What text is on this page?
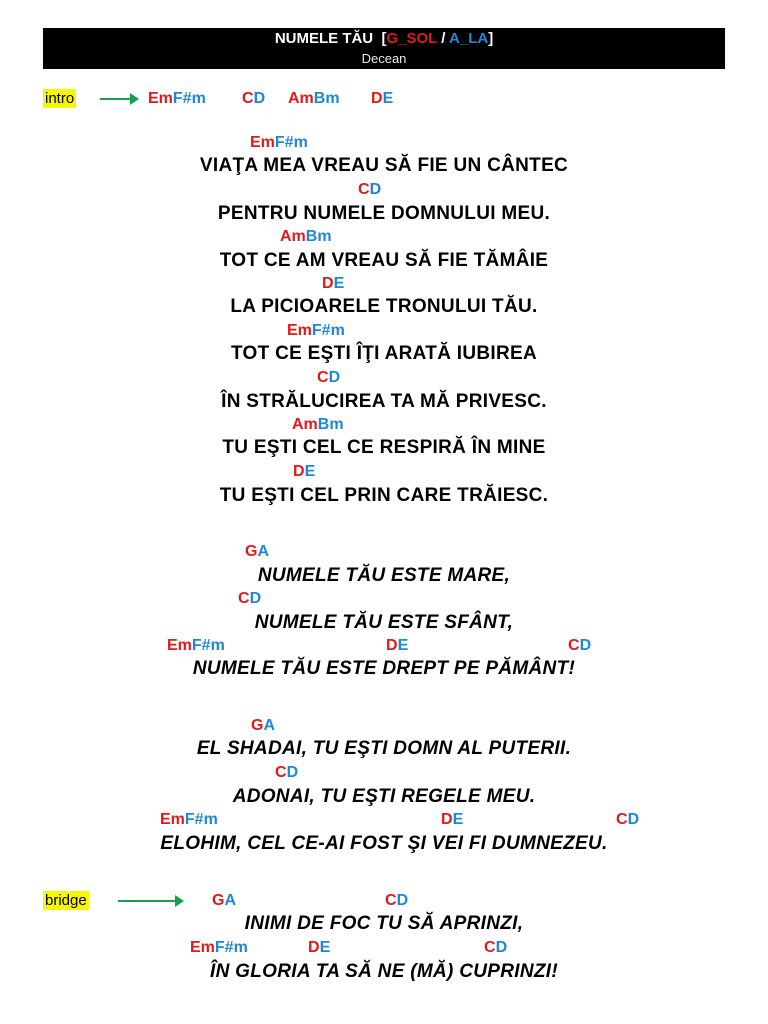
NUMELE TĂU  [G_SOL / A_LA]
Decean
intro	EmF#m CD AmBm DE
EmF#m
VIAŢA MEA VREAU SĂ FIE UN CÂNTEC
CD
PENTRU NUMELE DOMNULUI MEU.
AmBm
TOT CE AM VREAU SĂ FIE TĂMÂIE
DE
LA PICIOARELE TRONULUI TĂU.
EmF#m
TOT CE EŞTI ÎŢI ARATĂ IUBIREA
CD
ÎN STRĂLUCIREA TA MĂ PRIVESC.
AmBm
TU EŞTI CEL CE RESPIRĂ ÎN MINE
DE
TU EŞTI CEL PRIN CARE TRĂIESC.
GA
NUMELE TĂU ESTE MARE,
CD
NUMELE TĂU ESTE SFÂNT,
EmF#m	DE	CD
NUMELE TĂU ESTE DREPT PE PĂMÂNT!
GA
EL SHADAI, TU EŞTI DOMN AL PUTERII.
CD
ADONAI, TU EŞTI REGELE MEU.
EmF#m	DE	CD
ELOHIM, CEL CE-AI FOST ŞI VEI FI DUMNEZEU.
bridge	GA	CD
INIMI DE FOC TU SĂ APRINZI,
EmF#m	DE	CD
ÎN GLORIA TA SĂ NE (MĂ) CUPRINZI!
